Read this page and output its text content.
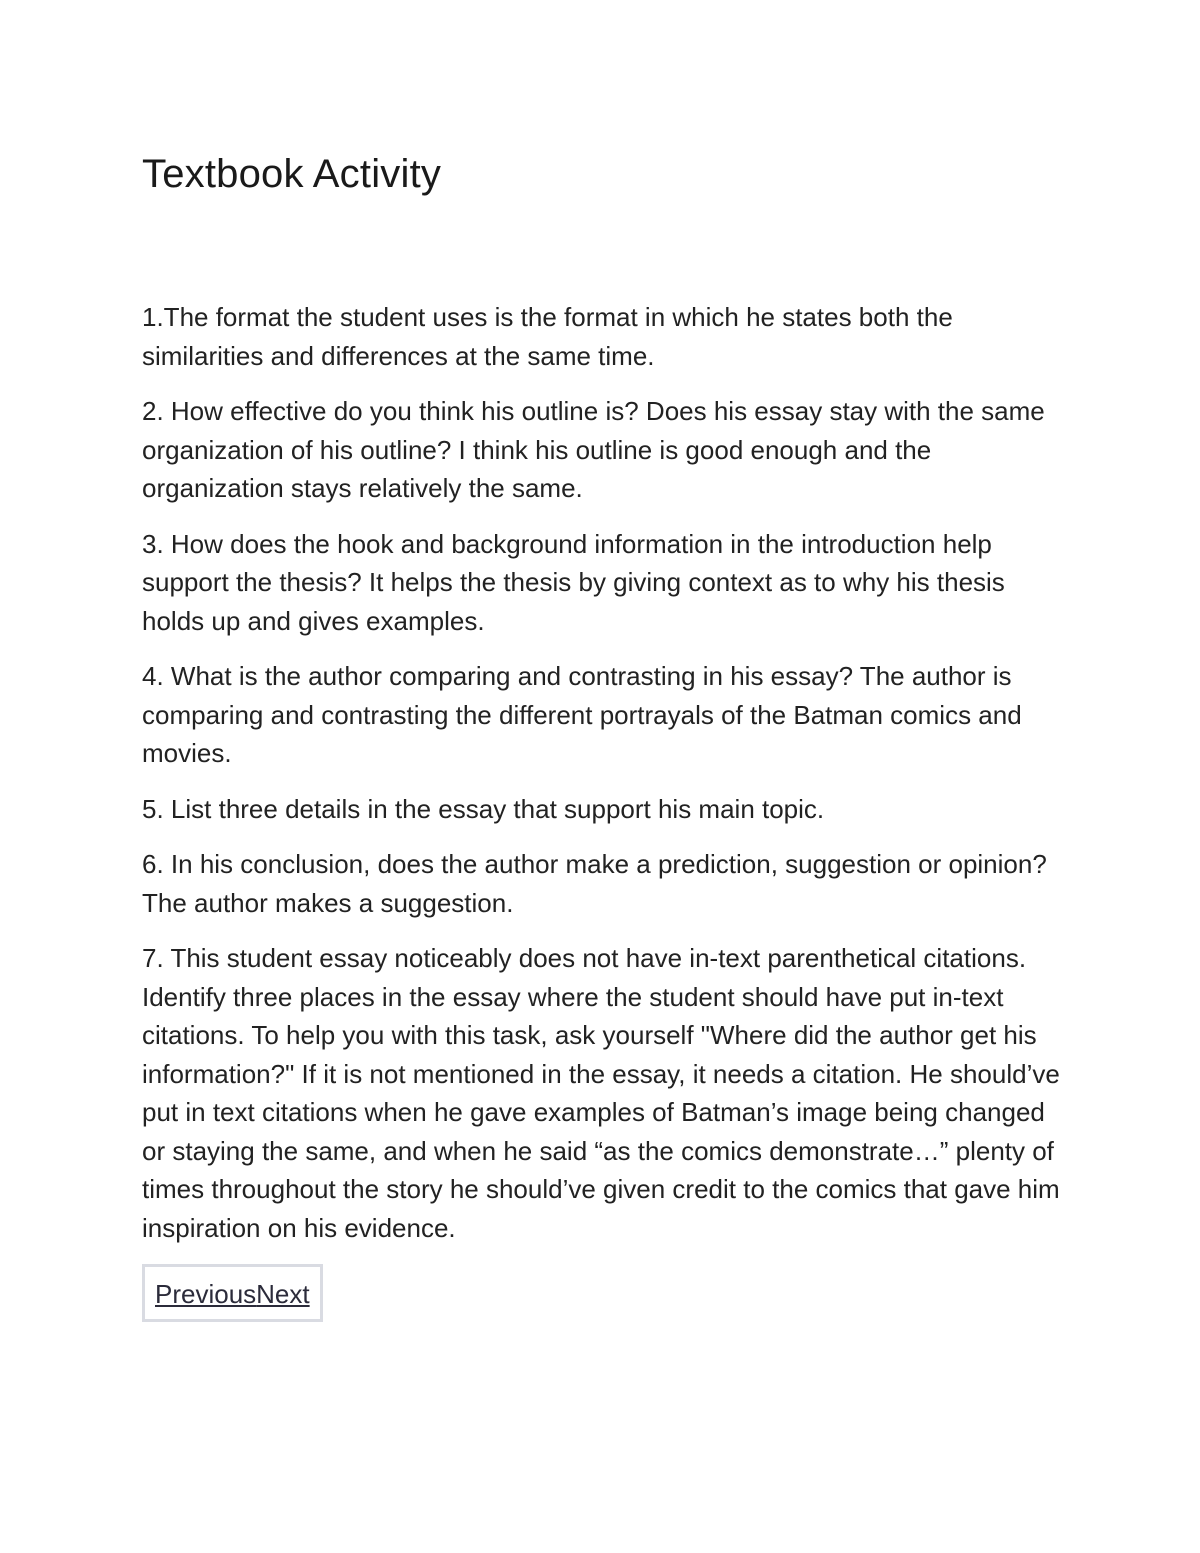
Textbook Activity

1.The format the student uses is the format in which he states both the similarities and differences at the same time.

2. How effective do you think his outline is? Does his essay stay with the same organization of his outline? I think his outline is good enough and the organization stays relatively the same.

3. How does the hook and background information in the introduction help support the thesis? It helps the thesis by giving context as to why his thesis holds up and gives examples.

4. What is the author comparing and contrasting in his essay? The author is comparing and contrasting the different portrayals of the Batman comics and movies.

5. List three details in the essay that support his main topic.

6. In his conclusion, does the author make a prediction, suggestion or opinion? The author makes a suggestion.

7. This student essay noticeably does not have in-text parenthetical citations. Identify three places in the essay where the student should have put in-text citations. To help you with this task, ask yourself "Where did the author get his information?" If it is not mentioned in the essay, it needs a citation. He should’ve put in text citations when he gave examples of Batman’s image being changed or staying the same, and when he said “as the comics demonstrate…” plenty of times throughout the story he should’ve given credit to the comics that gave him inspiration on his evidence.

PreviousNext
